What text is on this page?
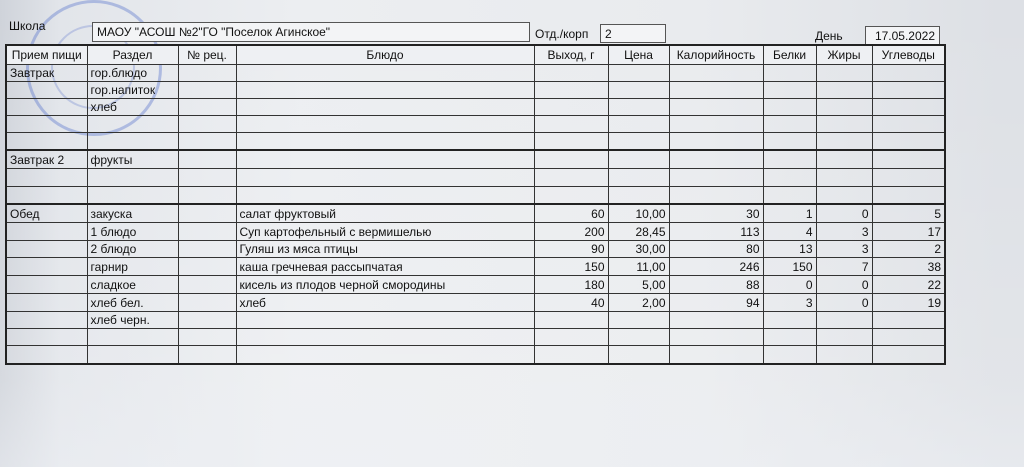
Школа	МАОУ "АСОШ №2"ГО "Поселок Агинское"	Отд./корп	2	День	17.05.2022
Прием пищи	Раздел	№ рец.	Блюдо	Выход, г	Цена	Калорийность	Белки	Жиры	Углеводы
Завтрак	гор.блюдо								
	гор.напиток								
	хлеб								

Завтрак 2	фрукты								

Обед	закуска		салат фруктовый	60	10,00	30	1	0	5
	1 блюдо		Суп картофельный с вермишелью	200	28,45	113	4	3	17
	2 блюдо		Гуляш из мяса птицы	90	30,00	80	13	3	2
	гарнир		каша гречневая рассыпчатая	150	11,00	246	150	7	38
	сладкое		кисель из плодов черной смородины	180	5,00	88	0	0	22
	хлеб бел.		хлеб	40	2,00	94	3	0	19
	хлеб черн.								
